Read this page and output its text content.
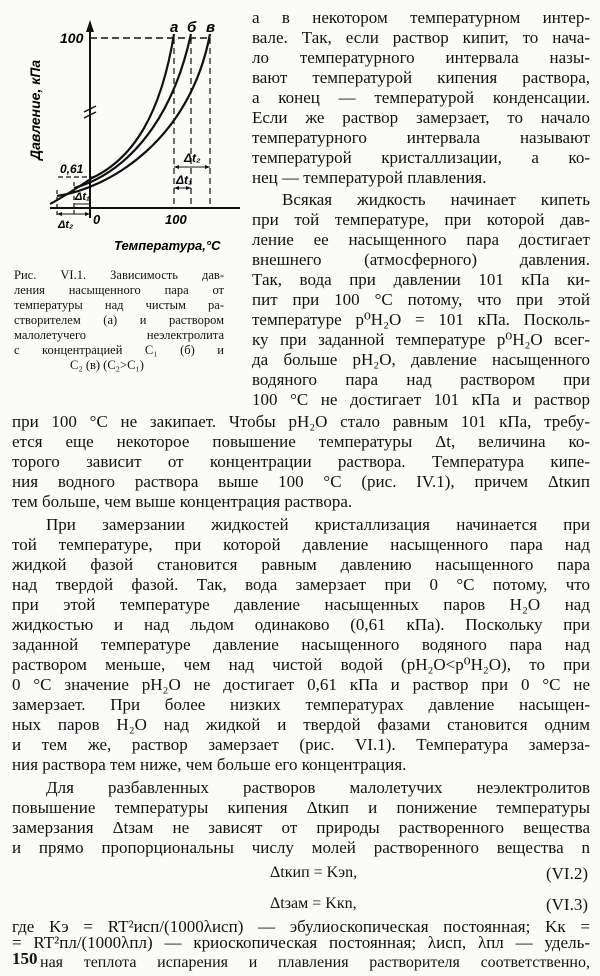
Давление, кПа
100
0,61
0	100
Температура,°С
а б в
Δt₁
Δt₂
Δt₁
Δt₂
Рис. VI.1. Зависимость дав-
ления насыщенного пара от
температуры над чистым ра-
створителем (а) и раствором
малолетучего неэлектролита
с концентрацией C₁ (б) и
C₂ (в) (C₂>C₁)
а в некотором температурном интер-
вале. Так, если раствор кипит, то нача-
ло температурного интервала назы-
вают температурой кипения раствора,
а конец — температурой конденсации.
Если же раствор замерзает, то начало
температурного интервала называют
температурой кристаллизации, а ко-
нец — температурой плавления.
Всякая жидкость начинает кипеть
при той температуре, при которой дав-
ление ее насыщенного пара достигает
внешнего (атмосферного) давления.
Так, вода при давлении 101 кПа ки-
пит при 100 °С потому, что при этой
температуре p⁰H₂O = 101 кПа. Посколь-
ку при заданной температуре p⁰H₂O всег-
да больше pH₂O, давление насыщенного
водяного пара над раствором при
100 °С не достигает 101 кПа и раствор
при 100 °С не закипает. Чтобы pH₂O стало равным 101 кПа, требу-
ется еще некоторое повышение температуры Δt, величина ко-
торого зависит от концентрации раствора. Температура кипе-
ния водного раствора выше 100 °С (рис. IV.1), причем Δtкип
тем больше, чем выше концентрация раствора.
При замерзании жидкостей кристаллизация начинается при
той температуре, при которой давление насыщенного пара над
жидкой фазой становится равным давлению насыщенного пара
над твердой фазой. Так, вода замерзает при 0 °С потому, что
при этой температуре давление насыщенных паров H₂O над
жидкостью и над льдом одинаково (0,61 кПа). Поскольку при
заданной температуре давление насыщенного водяного пара над
раствором меньше, чем над чистой водой (pH₂O<p⁰H₂O), то при
0 °С значение pH₂O не достигает 0,61 кПа и раствор при 0 °С не
замерзает. При более низких температурах давление насыщен-
ных паров H₂O над жидкой и твердой фазами становится одним
и тем же, раствор замерзает (рис. VI.1). Температура замерза-
ния раствора тем ниже, чем больше его концентрация.
Для разбавленных растворов малолетучих неэлектролитов
повышение температуры кипения Δtкип и понижение температуры
замерзания Δtзам не зависят от природы растворенного вещества
и прямо пропорциональны числу молей растворенного вещества n
Δtкип = Kэn,	(VI.2)
Δtзам = Kкn,	(VI.3)
где Kэ = RT²исп/(1000λисп) — эбулиоскопическая постоянная; Kк =
= RT²пл/(1000λпл) — криоскопическая постоянная; λисп, λпл — удель-
ная теплота испарения и плавления растворителя соответственно,
150
